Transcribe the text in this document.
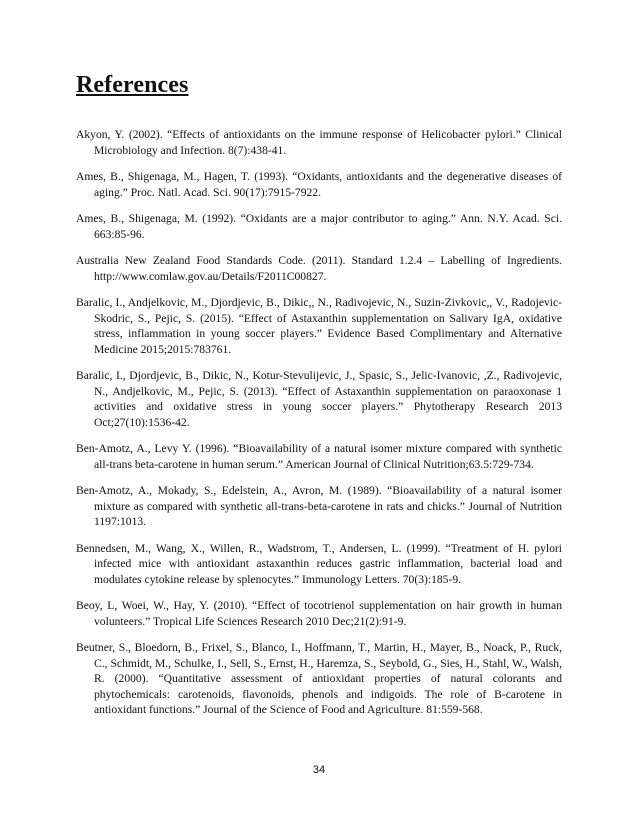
References

Akyon, Y. (2002). “Effects of antioxidants on the immune response of Helicobacter pylori.” Clinical Microbiology and Infection. 8(7):438-41.

Ames, B., Shigenaga, M., Hagen, T. (1993). “Oxidants, antioxidants and the degenerative diseases of aging.” Proc. Natl. Acad. Sci. 90(17):7915-7922.

Ames, B., Shigenaga, M. (1992). “Oxidants are a major contributor to aging.” Ann. N.Y. Acad. Sci. 663:85-96.

Australia New Zealand Food Standards Code. (2011). Standard 1.2.4 – Labelling of Ingredients. http://www.comlaw.gov.au/Details/F2011C00827.

Baralic, I., Andjelkovic, M., Djordjevic, B., Dikic,, N., Radivojevic, N., Suzin-Zivkovic,, V., Radojevic-Skodric, S., Pejic, S. (2015). “Effect of Astaxanthin supplementation on Salivary IgA, oxidative stress, inflammation in young soccer players.” Evidence Based Complimentary and Alternative Medicine 2015;2015:783761.

Baralic, I., Djordjevic, B., Dikic, N., Kotur-Stevulijevic, J., Spasic, S., Jelic-Ivanovic, ,Z., Radivojevic, N., Andjelkovic, M., Pejic, S. (2013). “Effect of Astaxanthin supplementation on paraoxonase 1 activities and oxidative stress in young soccer players.” Phytotherapy Research 2013 Oct;27(10):1536-42.

Ben-Amotz, A., Levy Y. (1996). “Bioavailability of a natural isomer mixture compared with synthetic all-trans beta-carotene in human serum.” American Journal of Clinical Nutrition;63.5:729-734.

Ben-Amotz, A., Mokady, S., Edelstein, A., Avron, M. (1989). “Bioavailability of a natural isomer mixture as compared with synthetic all-trans-beta-carotene in rats and chicks.” Journal of Nutrition 1197:1013.

Bennedsen, M., Wang, X., Willen, R., Wadstrom, T., Andersen, L. (1999). “Treatment of H. pylori infected mice with antioxidant astaxanthin reduces gastric inflammation, bacterial load and modulates cytokine release by splenocytes.” Immunology Letters. 70(3):185-9.

Beoy, L, Woei, W., Hay, Y. (2010). “Effect of tocotrienol supplementation on hair growth in human volunteers.” Tropical Life Sciences Research 2010 Dec;21(2):91-9.

Beutner, S., Bloedorn, B., Frixel, S., Blanco, I., Hoffmann, T., Martin, H., Mayer, B., Noack, P., Ruck, C., Schmidt, M., Schulke, I., Sell, S., Ernst, H., Haremza, S., Seybold, G., Sies, H., Stahl, W., Walsh, R. (2000). “Quantitative assessment of antioxidant properties of natural colorants and phytochemicals: carotenoids, flavonoids, phenols and indigoids. The role of B-carotene in antioxidant functions.” Journal of the Science of Food and Agriculture. 81:559-568.

34
